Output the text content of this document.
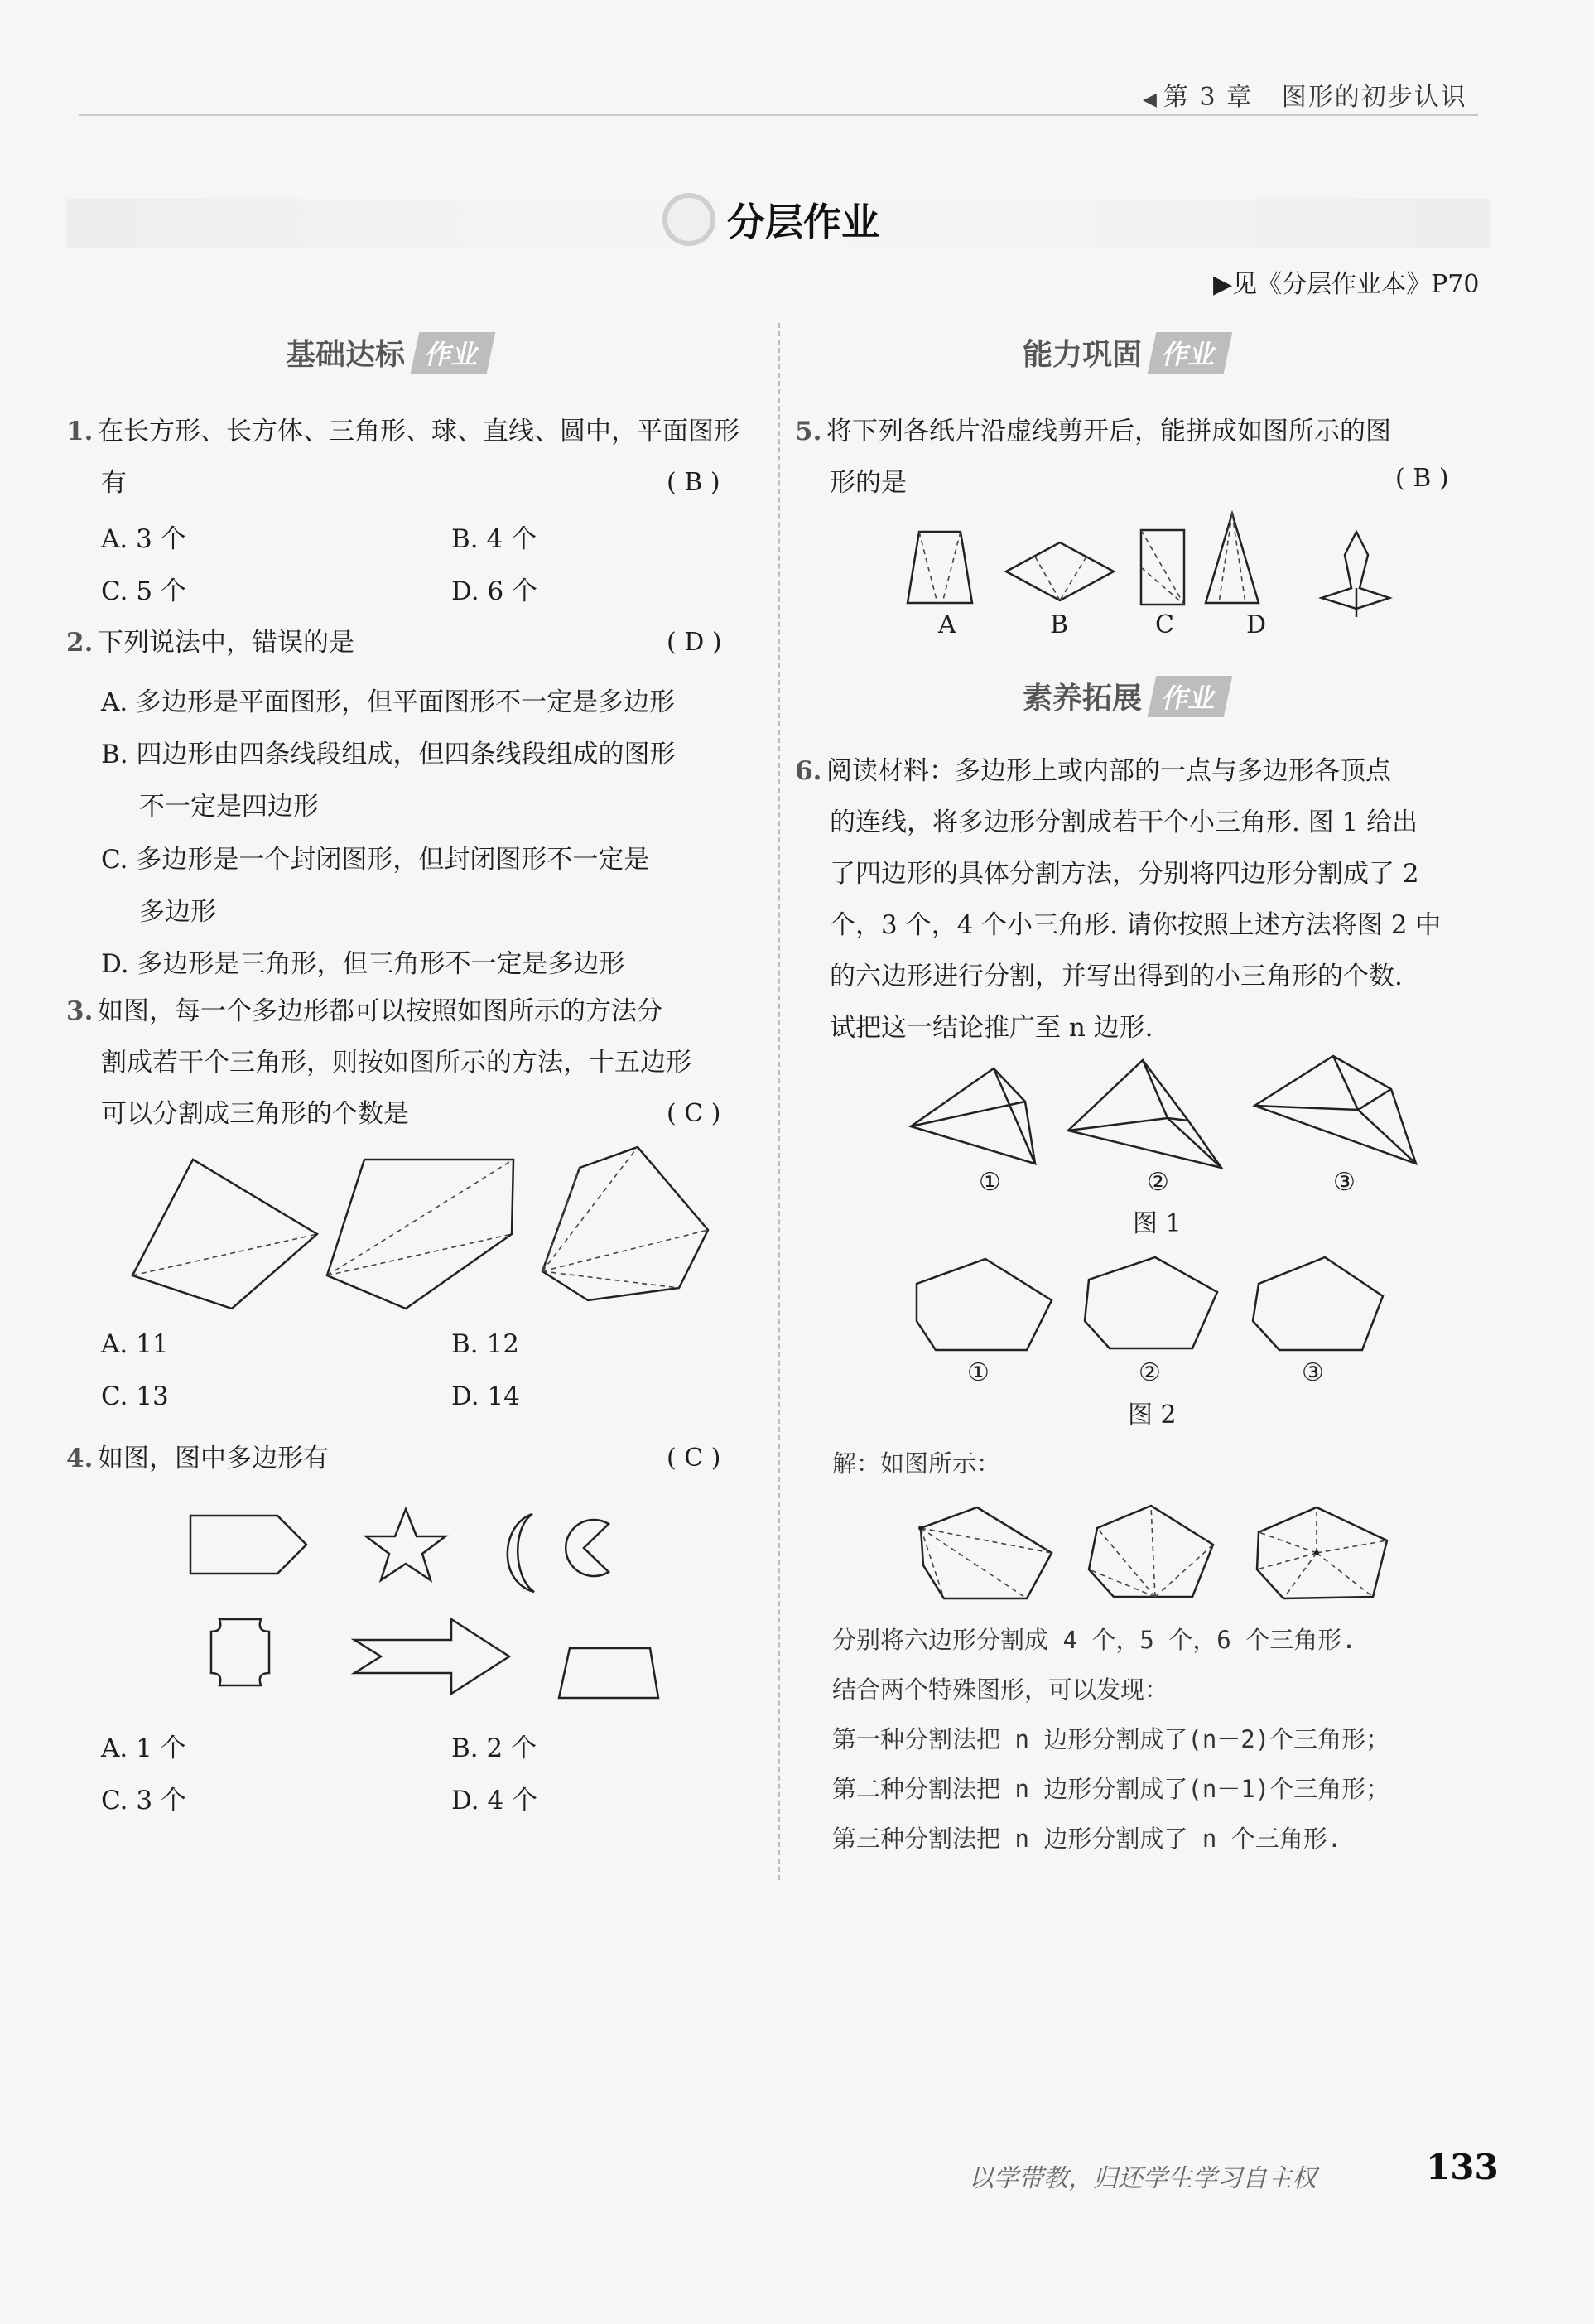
◀ 第 3 章 图形的初步认识
分层作业
▶见《分层作业本》P70
基础达标 作业
1. 在长方形、长方体、三角形、球、直线、圆中，平面图形
有	( B )
A. 3 个	B. 4 个
C. 5 个	D. 6 个
2. 下列说法中，错误的是	( D )
A. 多边形是平面图形，但平面图形不一定是多边形
B. 四边形由四条线段组成，但四条线段组成的图形
不一定是四边形
C. 多边形是一个封闭图形，但封闭图形不一定是
多边形
D. 多边形是三角形，但三角形不一定是多边形
3. 如图，每一个多边形都可以按照如图所示的方法分
割成若干个三角形，则按如图所示的方法，十五边形
可以分割成三角形的个数是	( C )
A. 11	B. 12
C. 13	D. 14
4. 如图，图中多边形有	( C )
A. 1 个	B. 2 个
C. 3 个	D. 4 个
能力巩固 作业
5. 将下列各纸片沿虚线剪开后，能拼成如图所示的图
形的是	( B )
A	B	C	D
素养拓展 作业
6. 阅读材料：多边形上或内部的一点与多边形各顶点
的连线，将多边形分割成若干个小三角形. 图 1 给出
了四边形的具体分割方法，分别将四边形分割成了 2
个，3 个，4 个小三角形. 请你按照上述方法将图 2 中
的六边形进行分割，并写出得到的小三角形的个数.
试把这一结论推广至 n 边形.
①	②	③
图 1
①	②	③
图 2
解：如图所示：
分别将六边形分割成 4 个，5 个，6 个三角形.
结合两个特殊图形，可以发现：
第一种分割法把 n 边形分割成了(n－2)个三角形；
第二种分割法把 n 边形分割成了(n－1)个三角形；
第三种分割法把 n 边形分割成了 n 个三角形.
以学带教，归还学生学习自主权	133
